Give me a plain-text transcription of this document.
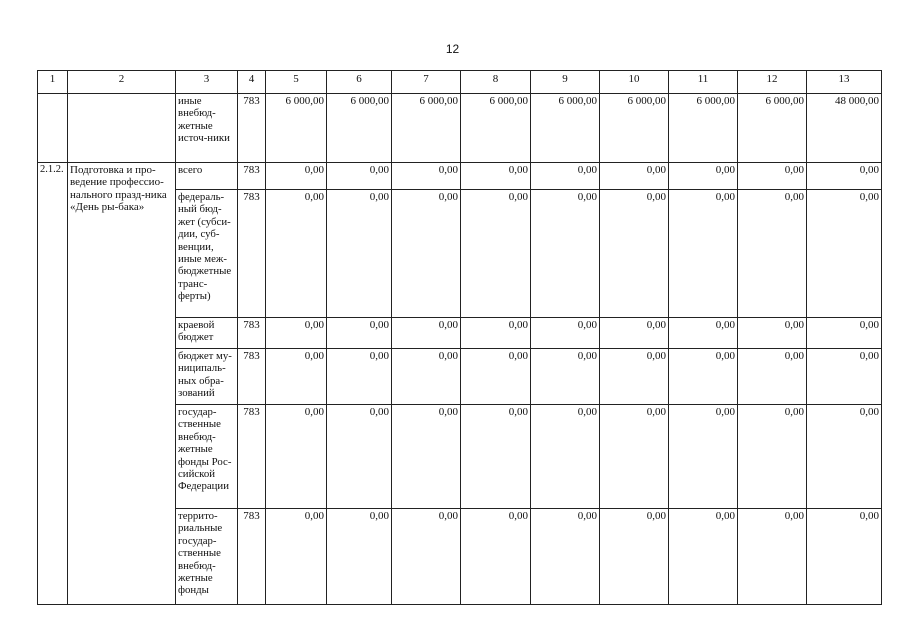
12
1	2	3	4	5	6	7	8	9	10	11	12	13
		иные внебюд-жетные источ-ники	783	6 000,00	6 000,00	6 000,00	6 000,00	6 000,00	6 000,00	6 000,00	6 000,00	48 000,00
2.1.2.	Подготовка и про-ведение профессио-нального празд-ника «День ры-бака»	всего	783	0,00	0,00	0,00	0,00	0,00	0,00	0,00	0,00	0,00
		федераль-ный бюд-жет (субси-дии, суб-венции, иные меж-бюджетные транс-ферты)	783	0,00	0,00	0,00	0,00	0,00	0,00	0,00	0,00	0,00
		краевой бюджет	783	0,00	0,00	0,00	0,00	0,00	0,00	0,00	0,00	0,00
		бюджет му-ниципаль-ных обра-зований	783	0,00	0,00	0,00	0,00	0,00	0,00	0,00	0,00	0,00
		государ-ственные внебюд-жетные фонды Рос-сийской Федерации	783	0,00	0,00	0,00	0,00	0,00	0,00	0,00	0,00	0,00
		террито-риальные государ-ственные внебюд-жетные фонды	783	0,00	0,00	0,00	0,00	0,00	0,00	0,00	0,00	0,00
